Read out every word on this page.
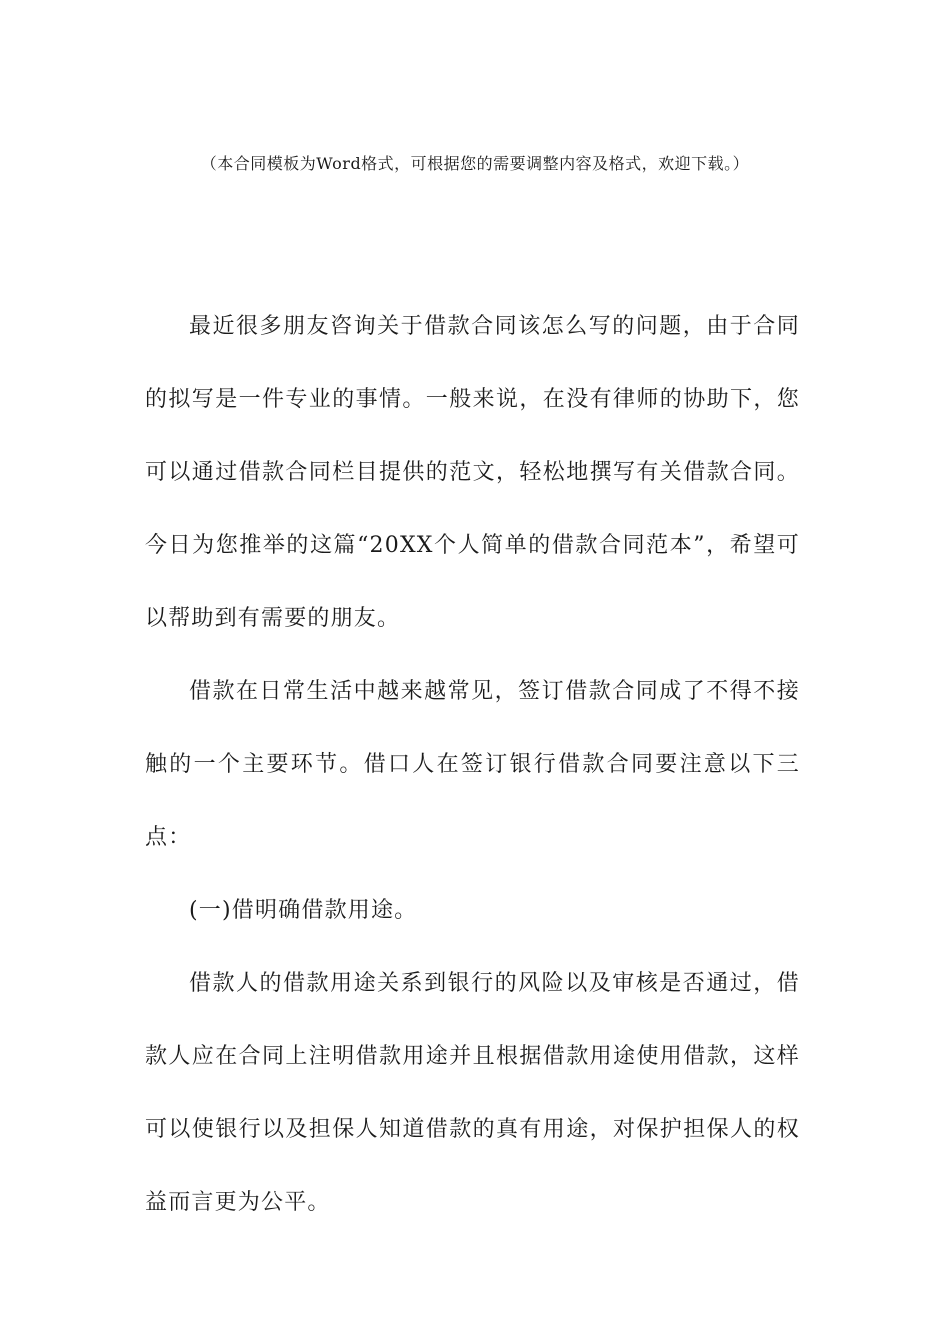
（本合同模板为Word格式，可根据您的需要调整内容及格式，欢迎下载。）

最近很多朋友咨询关于借款合同该怎么写的问题，由于合同的拟写是一件专业的事情。一般来说，在没有律师的协助下，您可以通过借款合同栏目提供的范文，轻松地撰写有关借款合同。今日为您推举的这篇“20XX个人简单的借款合同范本”，希望可以帮助到有需要的朋友。

借款在日常生活中越来越常见，签订借款合同成了不得不接触的一个主要环节。借口人在签订银行借款合同要注意以下三点：

(一)借明确借款用途。

借款人的借款用途关系到银行的风险以及审核是否通过，借款人应在合同上注明借款用途并且根据借款用途使用借款，这样可以使银行以及担保人知道借款的真有用途，对保护担保人的权益而言更为公平。
